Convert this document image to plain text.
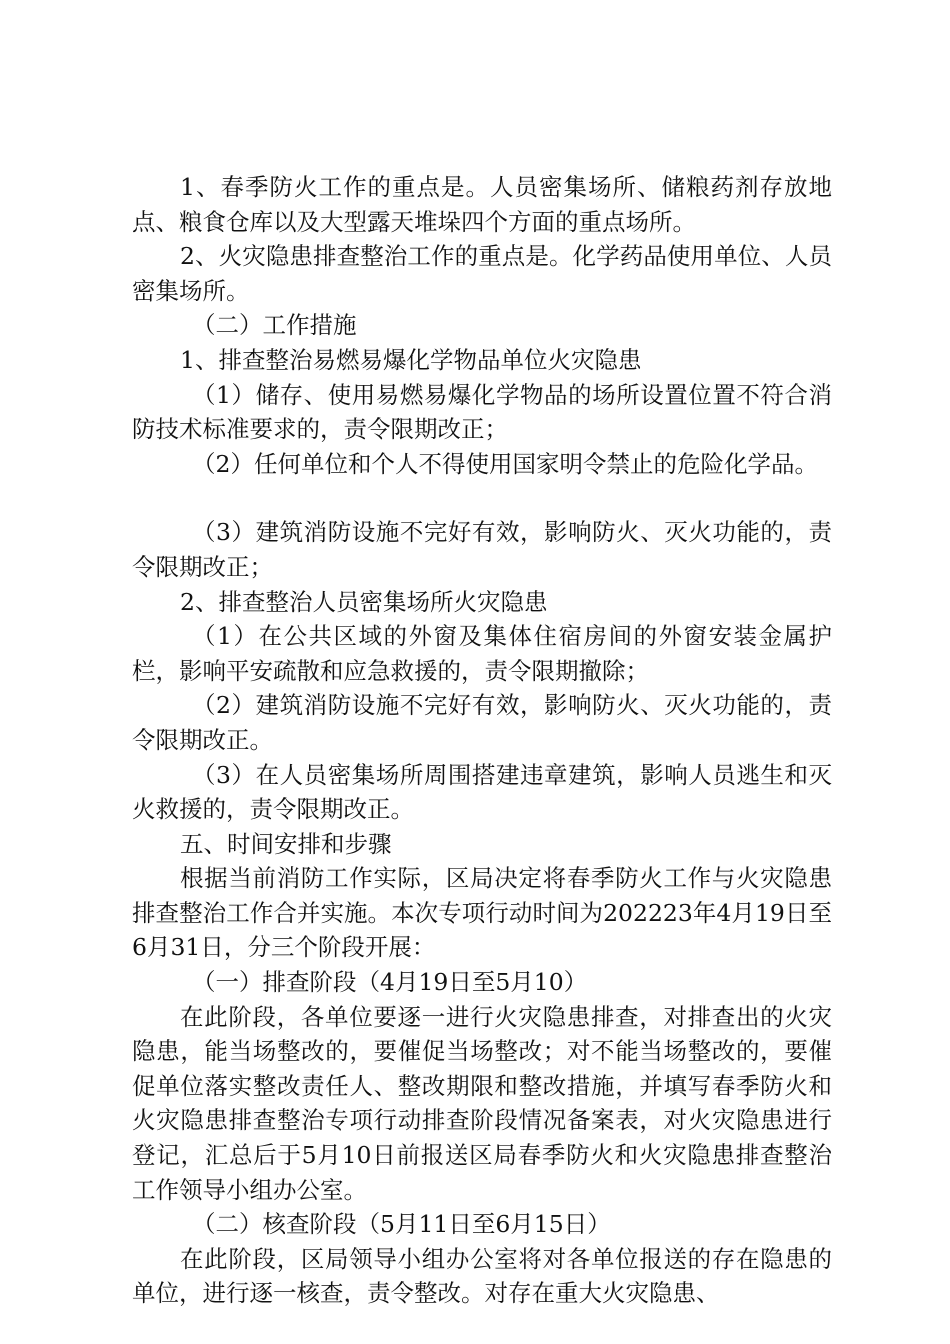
1、春季防火工作的重点是。人员密集场所、储粮药剂存放地点、粮食仓库以及大型露天堆垛四个方面的重点场所。

2、火灾隐患排查整治工作的重点是。化学药品使用单位、人员密集场所。

（二）工作措施

1、排查整治易燃易爆化学物品单位火灾隐患

（1）储存、使用易燃易爆化学物品的场所设置位置不符合消防技术标准要求的，责令限期改正；

（2）任何单位和个人不得使用国家明令禁止的危险化学品。

（3）建筑消防设施不完好有效，影响防火、灭火功能的，责令限期改正；

2、排查整治人员密集场所火灾隐患

（1）在公共区域的外窗及集体住宿房间的外窗安装金属护栏，影响平安疏散和应急救援的，责令限期撤除；

（2）建筑消防设施不完好有效，影响防火、灭火功能的，责令限期改正。

（3）在人员密集场所周围搭建违章建筑，影响人员逃生和灭火救援的，责令限期改正。

五、时间安排和步骤

根据当前消防工作实际，区局决定将春季防火工作与火灾隐患排查整治工作合并实施。本次专项行动时间为202223年4月19日至6月31日，分三个阶段开展：

（一）排查阶段（4月19日至5月10）

在此阶段，各单位要逐一进行火灾隐患排查，对排查出的火灾隐患，能当场整改的，要催促当场整改；对不能当场整改的，要催促单位落实整改责任人、整改期限和整改措施，并填写春季防火和火灾隐患排查整治专项行动排查阶段情况备案表，对火灾隐患进行登记，汇总后于5月10日前报送区局春季防火和火灾隐患排查整治工作领导小组办公室。

（二）核查阶段（5月11日至6月15日）

在此阶段，区局领导小组办公室将对各单位报送的存在隐患的单位，进行逐一核查，责令整改。对存在重大火灾隐患、
